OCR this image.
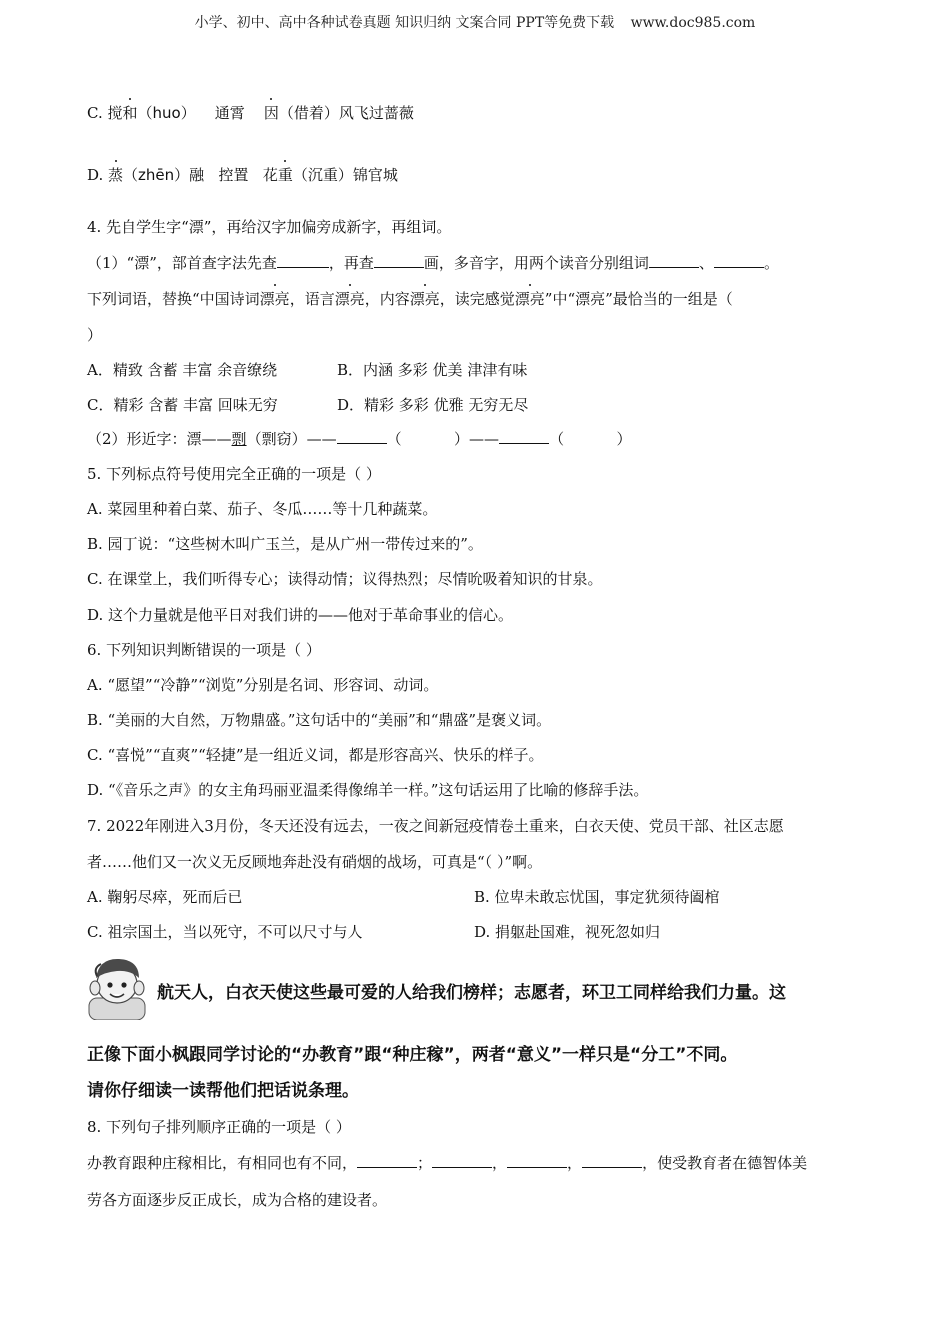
小学、初中、高中各种试卷真题 知识归纳 文案合同 PPT等免费下载 www.doc985.com
C. 搅和（huo） 通霄 因（借着）风飞过蔷薇
D. 蒸（zhēn）融 控置 花重（沉重）锦官城
4. 先自学生字“漂”，再给汉字加偏旁成新字，再组词。
（1）“漂”，部首查字法先查	，再查	画，多音字，用两个读音分别组词	、	。
下列词语，替换“中国诗词漂亮，语言漂亮，内容漂亮，读完感觉漂亮”中“漂亮”最恰当的一组是（
）
A．精致 含蓄 丰富 余音缭绕	B．内涵 多彩 优美 津津有味
C．精彩 含蓄 丰富 回味无穷	D．精彩 多彩 优雅 无穷无尽
（2）形近字：漂——剽（剽窃）——	（	）——	（	）
5. 下列标点符号使用完全正确的一项是（ ）
A. 菜园里种着白菜、茄子、冬瓜……等十几种蔬菜。
B. 园丁说：“这些树木叫广玉兰，是从广州一带传过来的”。
C. 在课堂上，我们听得专心；读得动情；议得热烈；尽情吮吸着知识的甘泉。
D. 这个力量就是他平日对我们讲的——他对于革命事业的信心。
6. 下列知识判断错误的一项是（ ）
A. “愿望”“冷静”“浏览”分别是名词、形容词、动词。
B. “美丽的大自然，万物鼎盛。”这句话中的“美丽”和“鼎盛”是褒义词。
C. “喜悦”“直爽”“轻捷”是一组近义词，都是形容高兴、快乐的样子。
D. “《音乐之声》的女主角玛丽亚温柔得像绵羊一样。”这句话运用了比喻的修辞手法。
7. 2022年刚进入3月份，冬天还没有远去，一夜之间新冠疫情卷土重来，白衣天使、党员干部、社区志愿
者……他们又一次义无反顾地奔赴没有硝烟的战场，可真是“（ ）”啊。
A. 鞠躬尽瘁，死而后已	B. 位卑未敢忘忧国，事定犹须待阖棺
C. 祖宗国土，当以死守，不可以尺寸与人	D. 捐躯赴国难，视死忽如归
航天人，白衣天使这些最可爱的人给我们榜样；志愿者，环卫工同样给我们力量。这
正像下面小枫跟同学讨论的“办教育”跟“种庄稼”，两者“意义”一样只是“分工”不同。
请你仔细读一读帮他们把话说条理。
8. 下列句子排列顺序正确的一项是（ ）
办教育跟种庄稼相比，有相同也有不同，	；	，	，	，使受教育者在德智体美
劳各方面逐步反正成长，成为合格的建设者。
